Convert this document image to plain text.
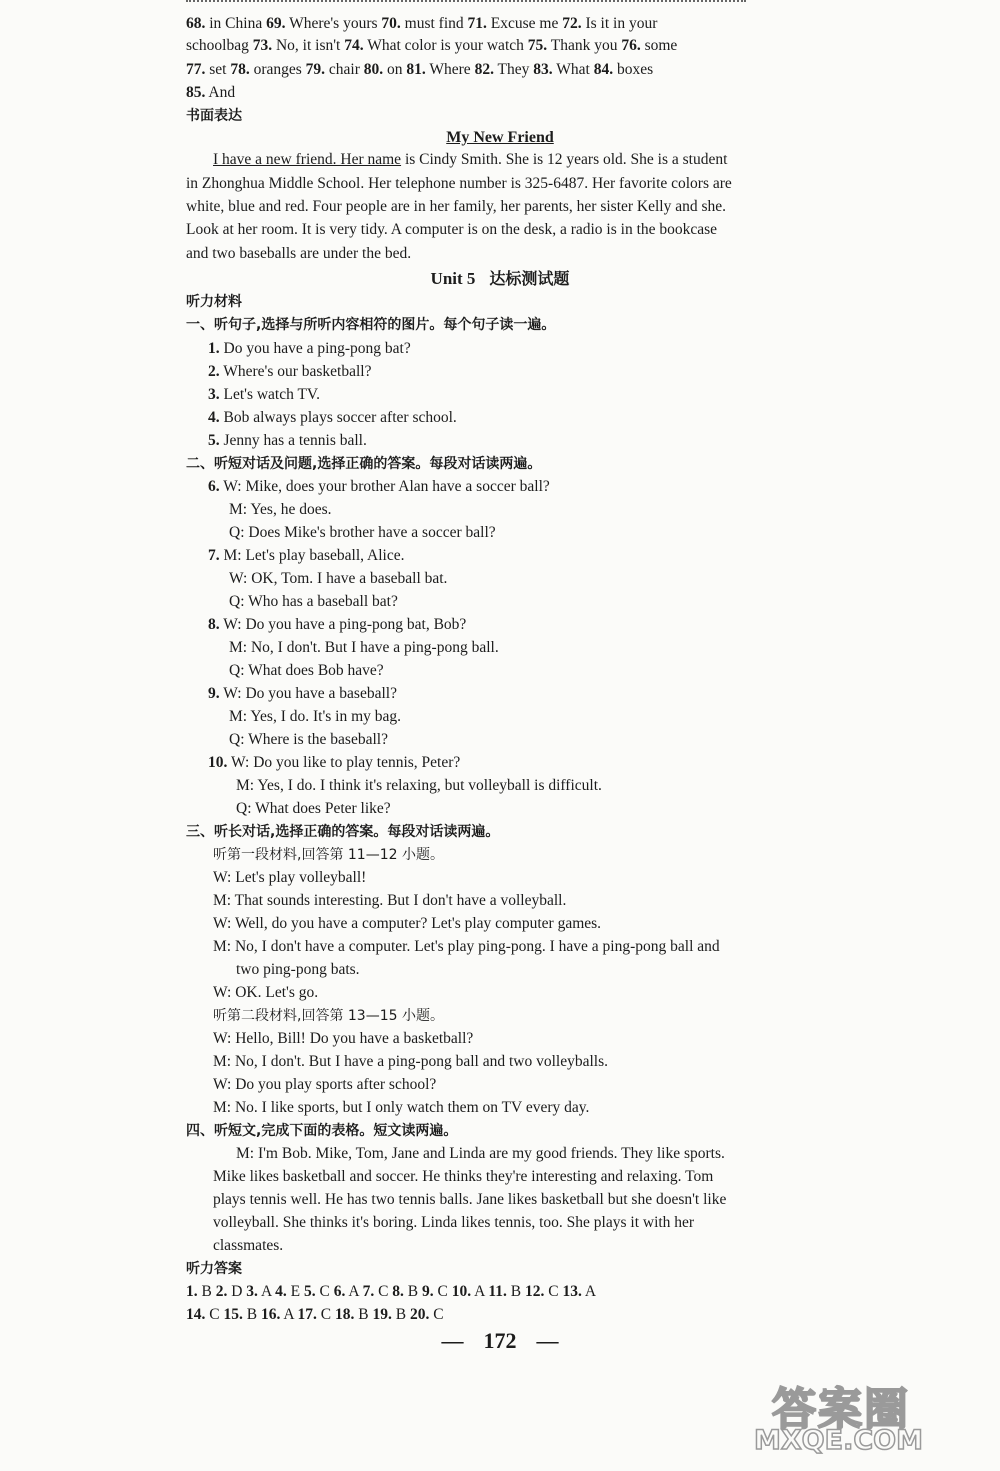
68. in China 69. Where's yours 70. must find 71. Excuse me 72. Is it in your
schoolbag 73. No, it isn't 74. What color is your watch 75. Thank you 76. some
77. set 78. oranges 79. chair 80. on 81. Where 82. They 83. What 84. boxes
85. And
书面表达
I have a new friend. Her name is Cindy Smith. She is 12 years old. She is a student
in Zhonghua Middle School. Her telephone number is 325-6487. Her favorite colors are
white, blue and red. Four people are in her family, her parents, her sister Kelly and she.
Look at her room. It is very tidy. A computer is on the desk, a radio is in the bookcase
and two baseballs are under the bed.
听力材料
一、听句子,选择与所听内容相符的图片。每个句子读一遍。
1. Do you have a ping-pong bat?
2. Where's our basketball?
3. Let's watch TV.
4. Bob always plays soccer after school.
5. Jenny has a tennis ball.
二、听短对话及问题,选择正确的答案。每段对话读两遍。
6. W: Mike, does your brother Alan have a soccer ball?
M: Yes, he does.
Q: Does Mike's brother have a soccer ball?
7. M: Let's play baseball, Alice.
W: OK, Tom. I have a baseball bat.
Q: Who has a baseball bat?
8. W: Do you have a ping-pong bat, Bob?
M: No, I don't. But I have a ping-pong ball.
Q: What does Bob have?
9. W: Do you have a baseball?
M: Yes, I do. It's in my bag.
Q: Where is the baseball?
10. W: Do you like to play tennis, Peter?
M: Yes, I do. I think it's relaxing, but volleyball is difficult.
Q: What does Peter like?
三、听长对话,选择正确的答案。每段对话读两遍。
听第一段材料,回答第 11—12 小题。
W: Let's play volleyball!
M: That sounds interesting. But I don't have a volleyball.
W: Well, do you have a computer? Let's play computer games.
M: No, I don't have a computer. Let's play ping-pong. I have a ping-pong ball and
two ping-pong bats.
W: OK. Let's go.
听第二段材料,回答第 13—15 小题。
W: Hello, Bill! Do you have a basketball?
M: No, I don't. But I have a ping-pong ball and two volleyballs.
W: Do you play sports after school?
M: No. I like sports, but I only watch them on TV every day.
四、听短文,完成下面的表格。短文读两遍。
M: I'm Bob. Mike, Tom, Jane and Linda are my good friends. They like sports.
Mike likes basketball and soccer. He thinks they're interesting and relaxing. Tom
plays tennis well. He has two tennis balls. Jane likes basketball but she doesn't like
volleyball. She thinks it's boring. Linda likes tennis, too. She plays it with her
classmates.
听力答案
1. B 2. D 3. A 4. E 5. C 6. A 7. C 8. B 9. C 10. A 11. B 12. C 13. A
14. C 15. B 16. A 17. C 18. B 19. B 20. C
My New Friend
Unit 5 达标测试题
— 172 —
答案圈
MXQE.COM
